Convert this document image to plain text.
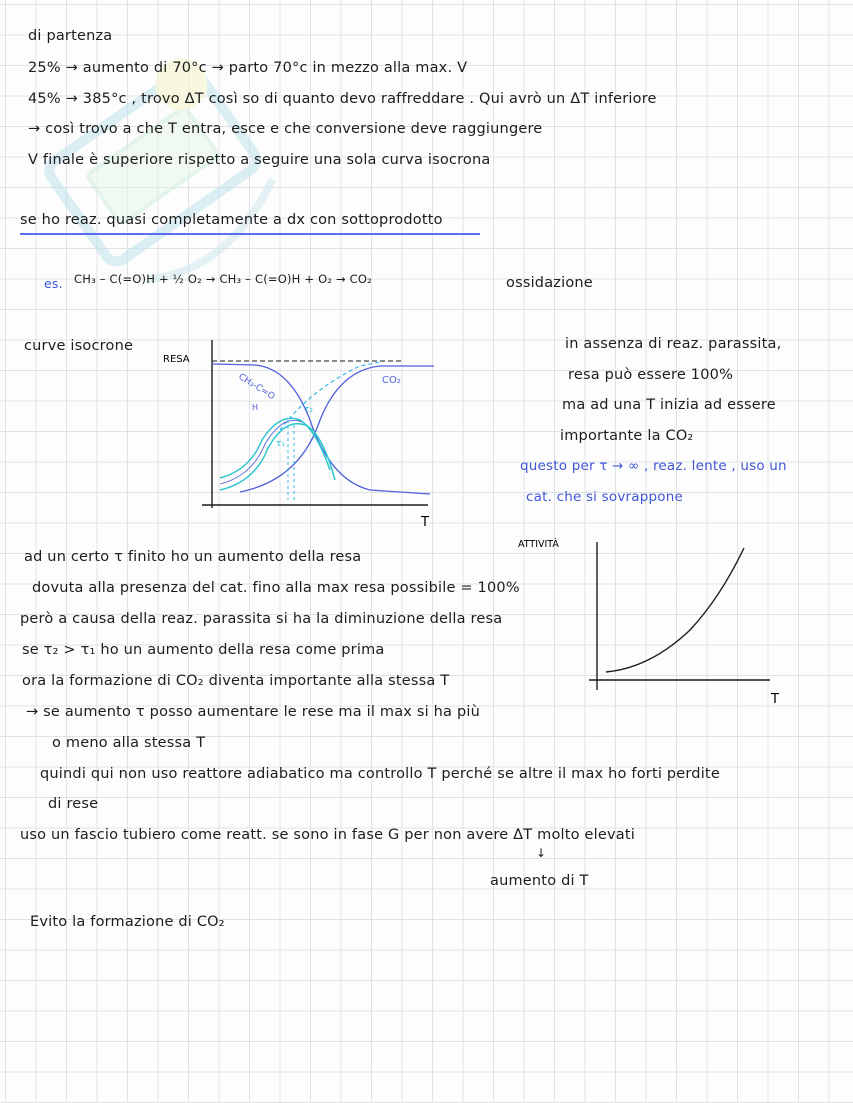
di partenza
25% → aumento di 70°c → parto 70°c in mezzo alla max. V
45% → 385°c , trovo ΔT così so di quanto devo raffreddare . Qui avrò un ΔT inferiore
→ così trovo a che T entra, esce e che conversione deve raggiungere
V finale è superiore rispetto a seguire una sola curva isocrona
se ho reaz. quasi completamente a dx con sottoprodotto
es. CH₃ – C(=O)H + ½ O₂ → CH₃ – C(=O)H + O₂ → CO₂	ossidazione
curve isocrone
RESA
T
CH₃-C=O
H
CO₂
τ₁
τ₂
ATTIVITÀ
T
in assenza di reaz. parassita,
resa può essere 100%
ma ad una T inizia ad essere
importante la CO₂
questo per τ → ∞ , reaz. lente , uso un
cat. che si sovrappone
ad un certo τ finito ho un aumento della resa
dovuta alla presenza del cat. fino alla max resa possibile = 100%
però a causa della reaz. parassita si ha la diminuzione della resa
se τ₂ > τ₁ ho un aumento della resa come prima
ora la formazione di CO₂ diventa importante alla stessa T
→ se aumento τ posso aumentare le rese ma il max si ha più
o meno alla stessa T
quindi qui non uso reattore adiabatico ma controllo T perché se altre il max ho forti perdite
di rese
uso un fascio tubiero come reatt. se sono in fase G per non avere ΔT molto elevati
↓
aumento di T
Evito la formazione di CO₂
